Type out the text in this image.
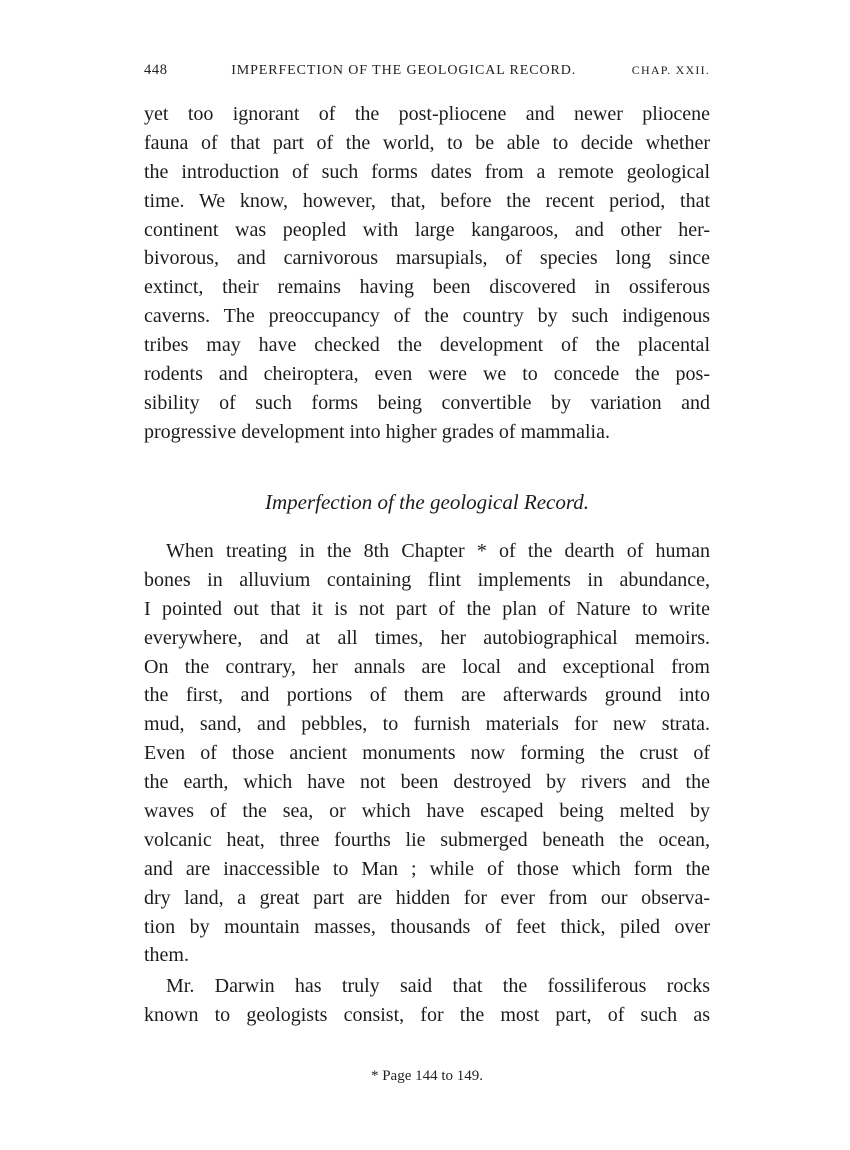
448	IMPERFECTION OF THE GEOLOGICAL RECORD.	CHAP. XXII.
yet too ignorant of the post-pliocene and newer pliocene
fauna of that part of the world, to be able to decide whether
the introduction of such forms dates from a remote geological
time. We know, however, that, before the recent period, that
continent was peopled with large kangaroos, and other her-
bivorous, and carnivorous marsupials, of species long since
extinct, their remains having been discovered in ossiferous
caverns. The preoccupancy of the country by such indigenous
tribes may have checked the development of the placental
rodents and cheiroptera, even were we to concede the pos-
sibility of such forms being convertible by variation and
progressive development into higher grades of mammalia.
Imperfection of the geological Record.
When treating in the 8th Chapter * of the dearth of human
bones in alluvium containing flint implements in abundance,
I pointed out that it is not part of the plan of Nature to write
everywhere, and at all times, her autobiographical memoirs.
On the contrary, her annals are local and exceptional from
the first, and portions of them are afterwards ground into
mud, sand, and pebbles, to furnish materials for new strata.
Even of those ancient monuments now forming the crust of
the earth, which have not been destroyed by rivers and the
waves of the sea, or which have escaped being melted by
volcanic heat, three fourths lie submerged beneath the ocean,
and are inaccessible to Man ; while of those which form the
dry land, a great part are hidden for ever from our observa-
tion by mountain masses, thousands of feet thick, piled over
them.
Mr. Darwin has truly said that the fossiliferous rocks
known to geologists consist, for the most part, of such as
* Page 144 to 149.
